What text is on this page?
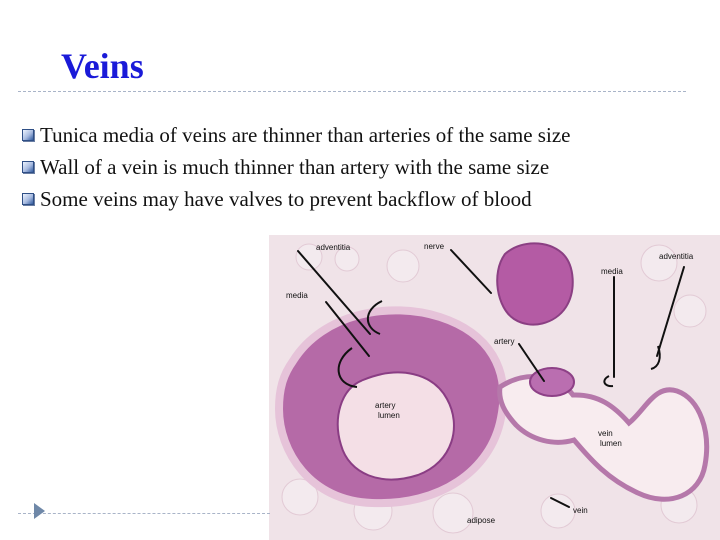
Veins
Tunica media of veins are thinner than arteries of the same size
Wall of a vein is much thinner than artery with the same size
Some veins may have valves to prevent backflow of blood
adventitia	nerve
media
adventitia
media
artery
artery
lumen
vein
lumen
adipose
vein
